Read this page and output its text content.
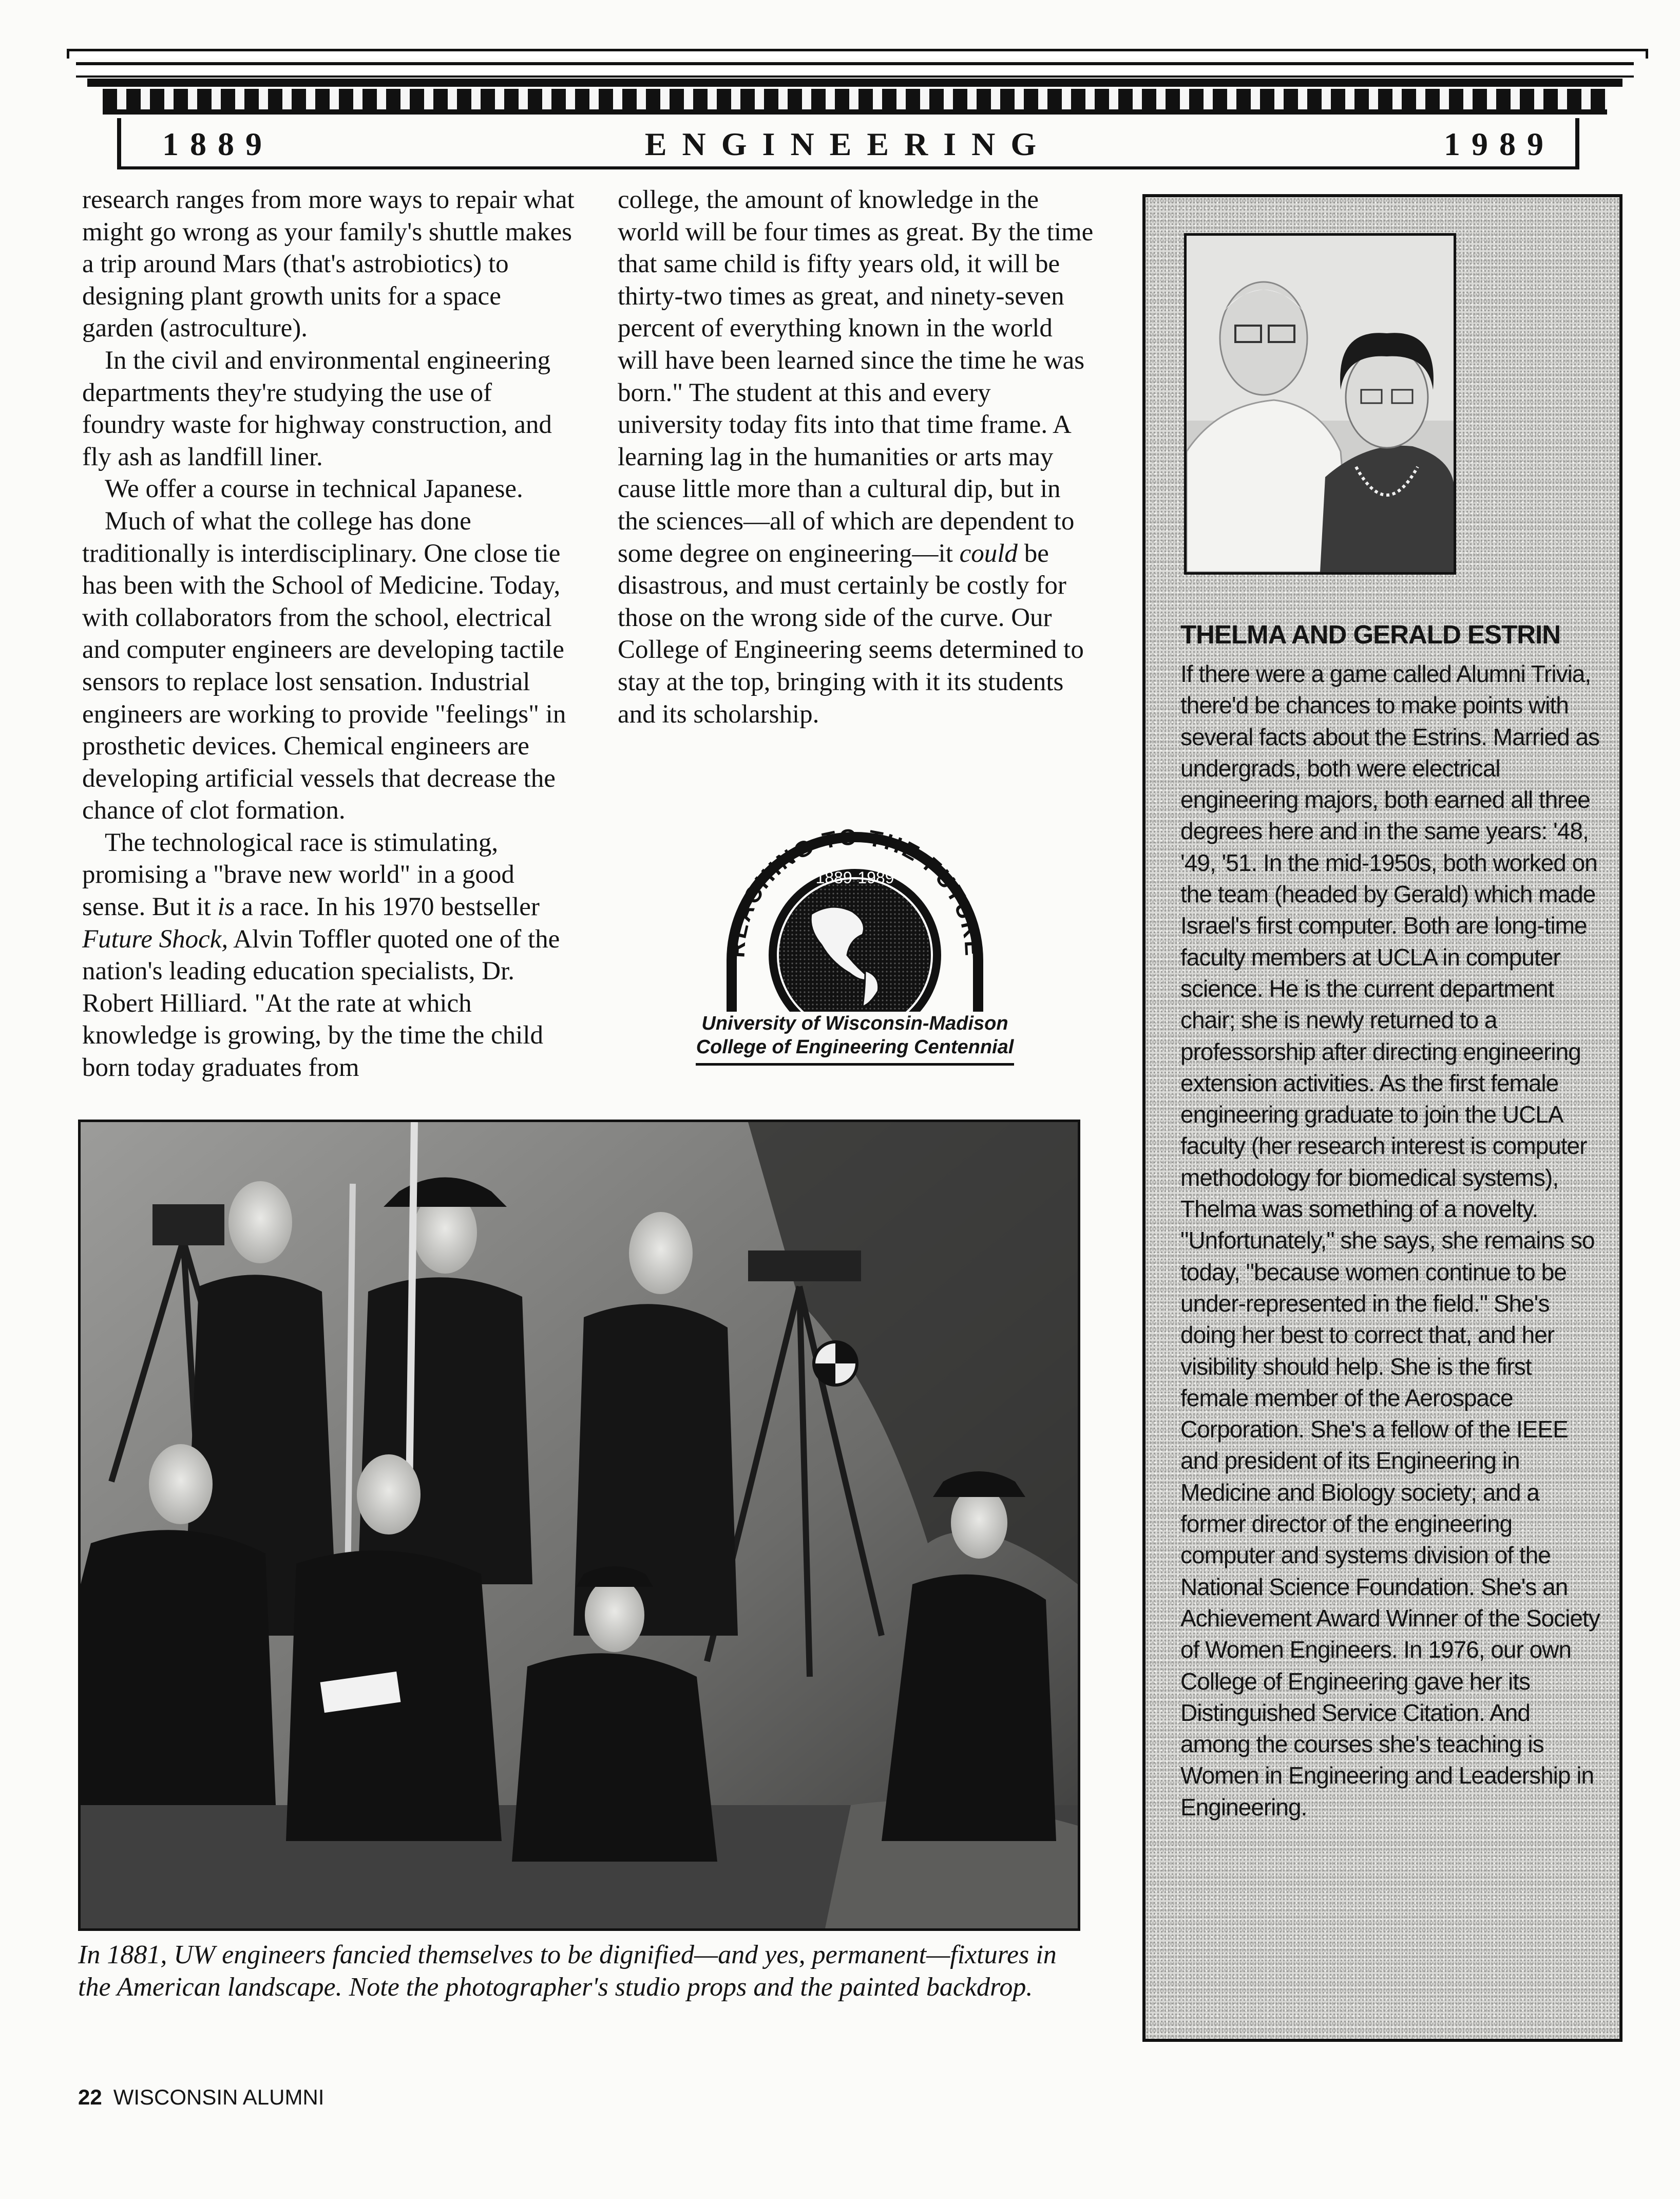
1889	ENGINEERING	1989

research ranges from more ways to repair what might go wrong as your family's shuttle makes a trip around Mars (that's astrobiotics) to designing plant growth units for a space garden (astroculture).

In the civil and environmental engineering departments they're studying the use of foundry waste for highway construction, and fly ash as landfill liner.

We offer a course in technical Japanese.

Much of what the college has done traditionally is interdisciplinary. One close tie has been with the School of Medicine. Today, with collaborators from the school, electrical and computer engineers are developing tactile sensors to replace lost sensation. Industrial engineers are working to provide "feelings" in prosthetic devices. Chemical engineers are developing artificial vessels that decrease the chance of clot formation.

The technological race is stimulating, promising a "brave new world" in a good sense. But it is a race. In his 1970 bestseller Future Shock, Alvin Toffler quoted one of the nation's leading education specialists, Dr. Robert Hilliard. "At the rate at which knowledge is growing, by the time the child born today graduates from

college, the amount of knowledge in the world will be four times as great. By the time that same child is fifty years old, it will be thirty-two times as great, and ninety-seven percent of everything known in the world will have been learned since the time he was born." The student at this and every university today fits into that time frame. A learning lag in the humanities or arts may cause little more than a cultural dip, but in the sciences—all of which are dependent to some degree on engineering—it could be disastrous, and must certainly be costly for those on the wrong side of the curve. Our College of Engineering seems determined to stay at the top, bringing with it its students and its scholarship.

REACHING TO THE FUTURE
1889-1989
University of Wisconsin-Madison
College of Engineering Centennial
In 1881, UW engineers fancied themselves to be dignified—and yes, permanent—fixtures in the American landscape. Note the photographer's studio props and the painted backdrop.
THELMA AND GERALD ESTRIN
If there were a game called Alumni Trivia, there'd be chances to make points with several facts about the Estrins. Married as undergrads, both were electrical engineering majors, both earned all three degrees here and in the same years: '48, '49, '51. In the mid-1950s, both worked on the team (headed by Gerald) which made Israel's first computer. Both are long-time faculty members at UCLA in computer science. He is the current department chair; she is newly returned to a professorship after directing engineering extension activities. As the first female engineering graduate to join the UCLA faculty (her research interest is computer methodology for biomedical systems), Thelma was something of a novelty. "Unfortunately," she says, she remains so today, "because women continue to be under-represented in the field." She's doing her best to correct that, and her visibility should help. She is the first female member of the Aerospace Corporation. She's a fellow of the IEEE and president of its Engineering in Medicine and Biology society; and a former director of the engineering computer and systems division of the National Science Foundation. She's an Achievement Award Winner of the Society of Women Engineers. In 1976, our own College of Engineering gave her its Distinguished Service Citation. And among the courses she's teaching is Women in Engineering and Leadership in Engineering.
22 WISCONSIN ALUMNI
